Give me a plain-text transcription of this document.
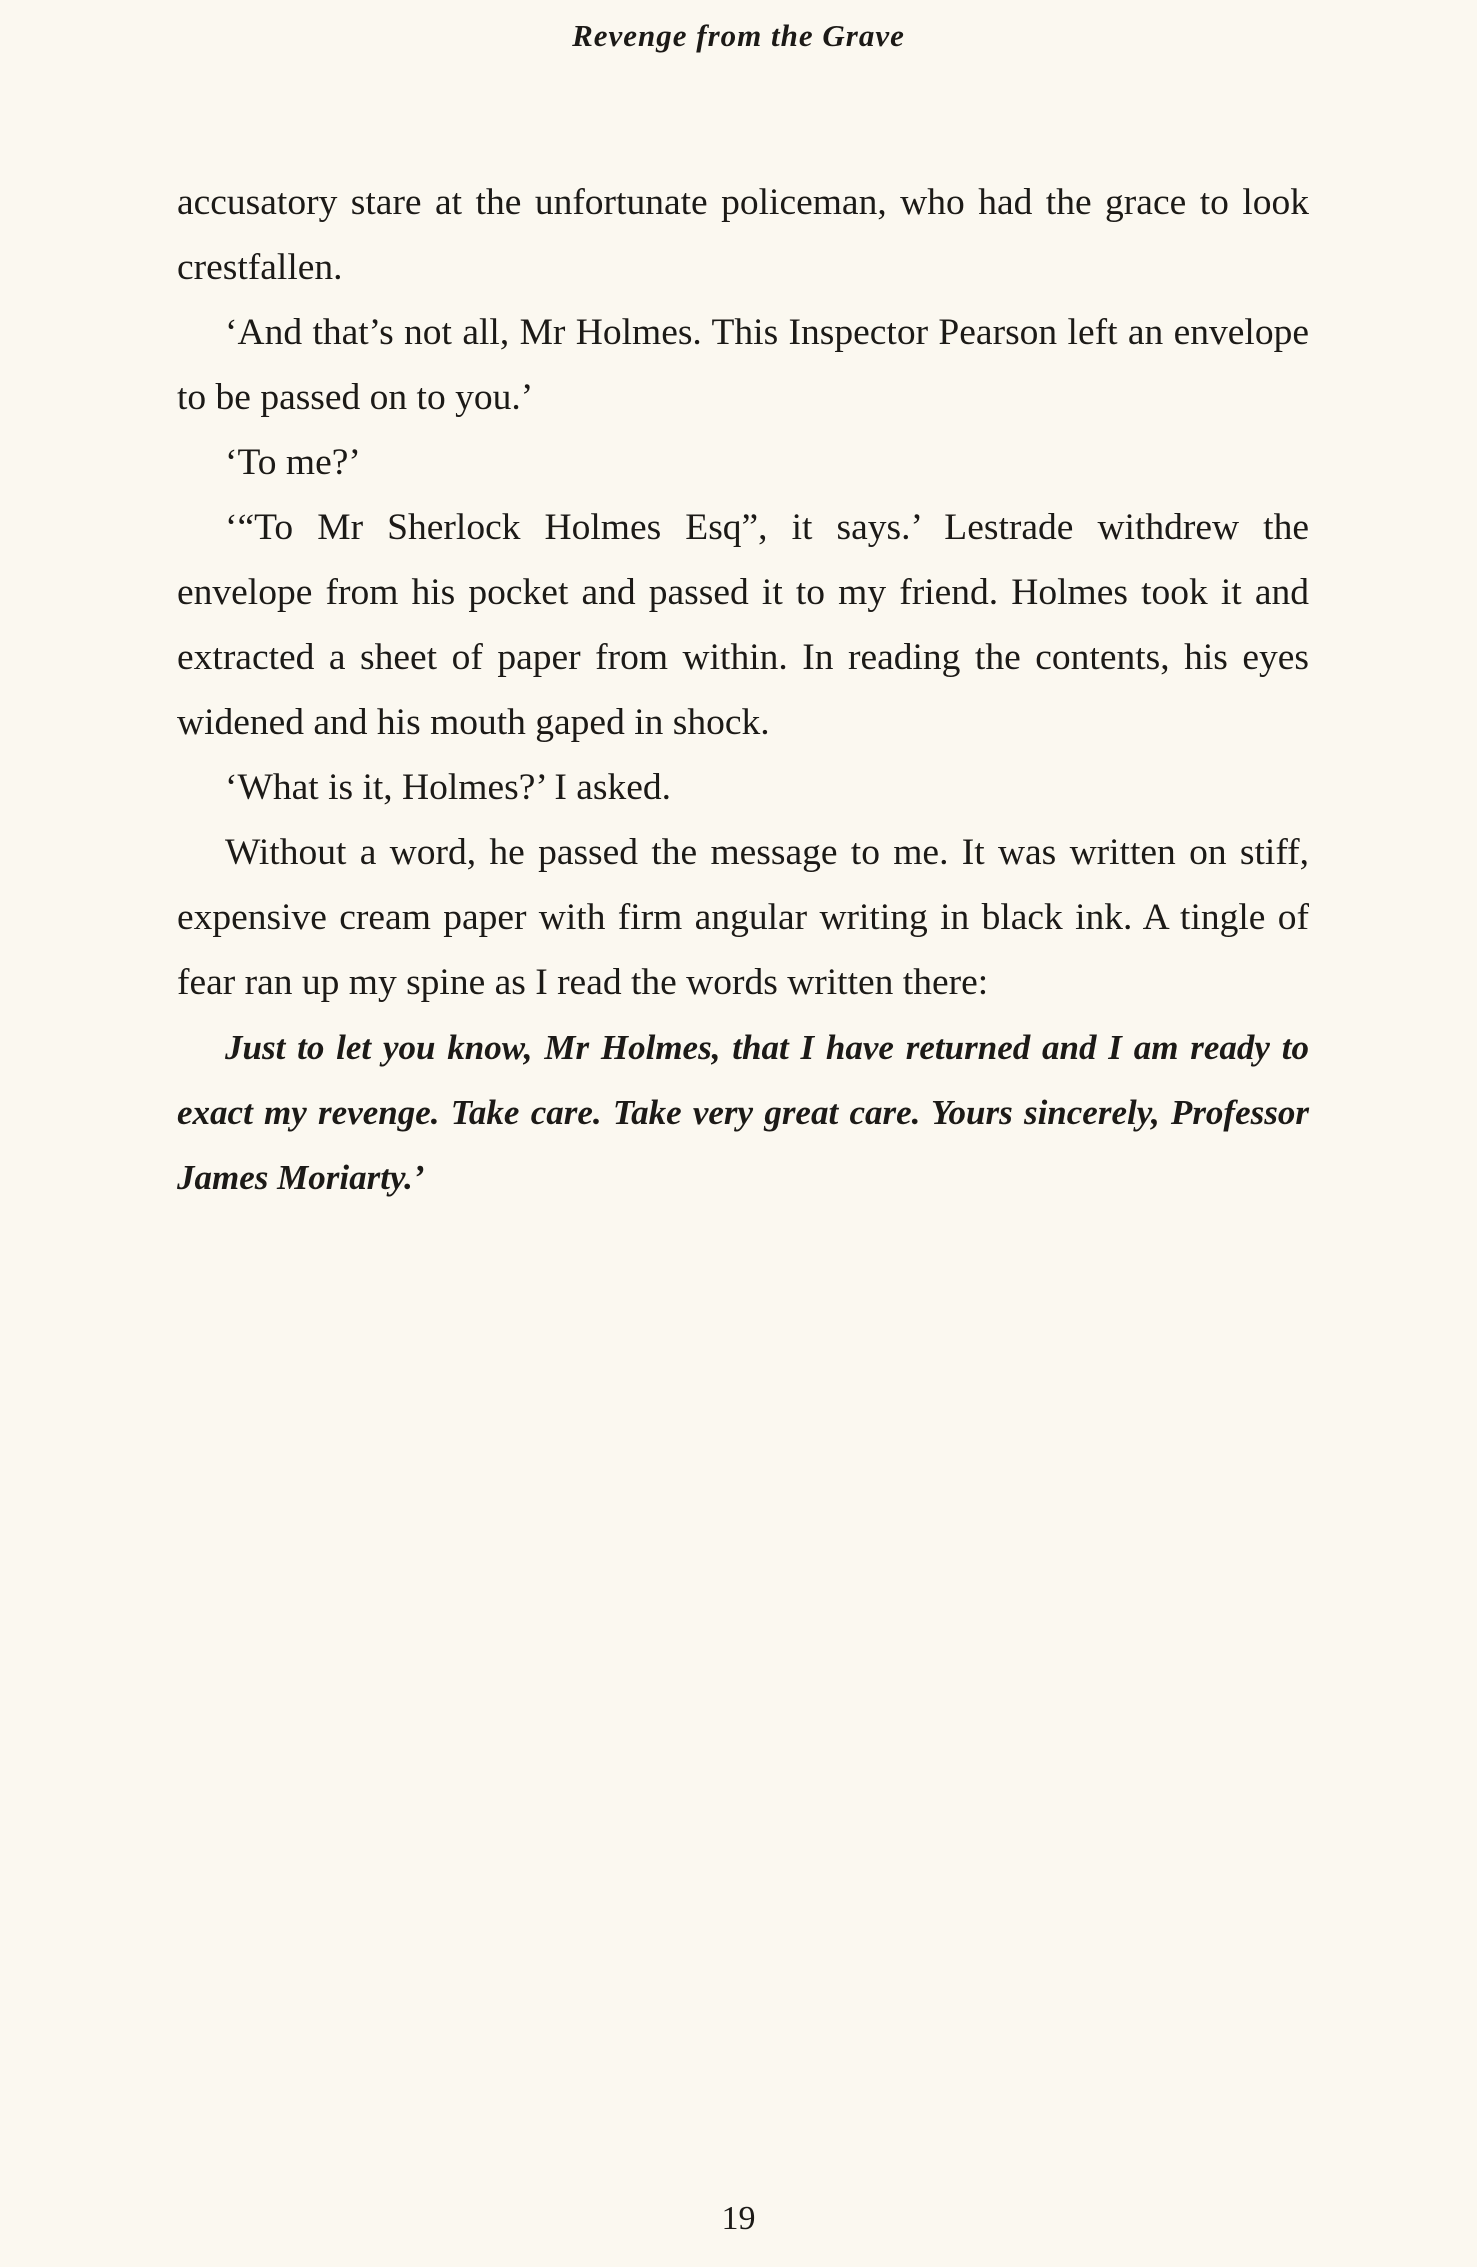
Revenge from the Grave

accusatory stare at the unfortunate policeman, who had the grace to look crestfallen.

‘And that’s not all, Mr Holmes. This Inspector Pearson left an envelope to be passed on to you.’

‘To me?’

‘“To Mr Sherlock Holmes Esq”, it says.’ Lestrade withdrew the envelope from his pocket and passed it to my friend. Holmes took it and extracted a sheet of paper from within. In reading the contents, his eyes widened and his mouth gaped in shock.

‘What is it, Holmes?’ I asked.

Without a word, he passed the message to me. It was written on stiff, expensive cream paper with firm angular writing in black ink. A tingle of fear ran up my spine as I read the words written there:

Just to let you know, Mr Holmes, that I have returned and I am ready to exact my revenge. Take care. Take very great care. Yours sincerely, Professor James Moriarty.’

19
